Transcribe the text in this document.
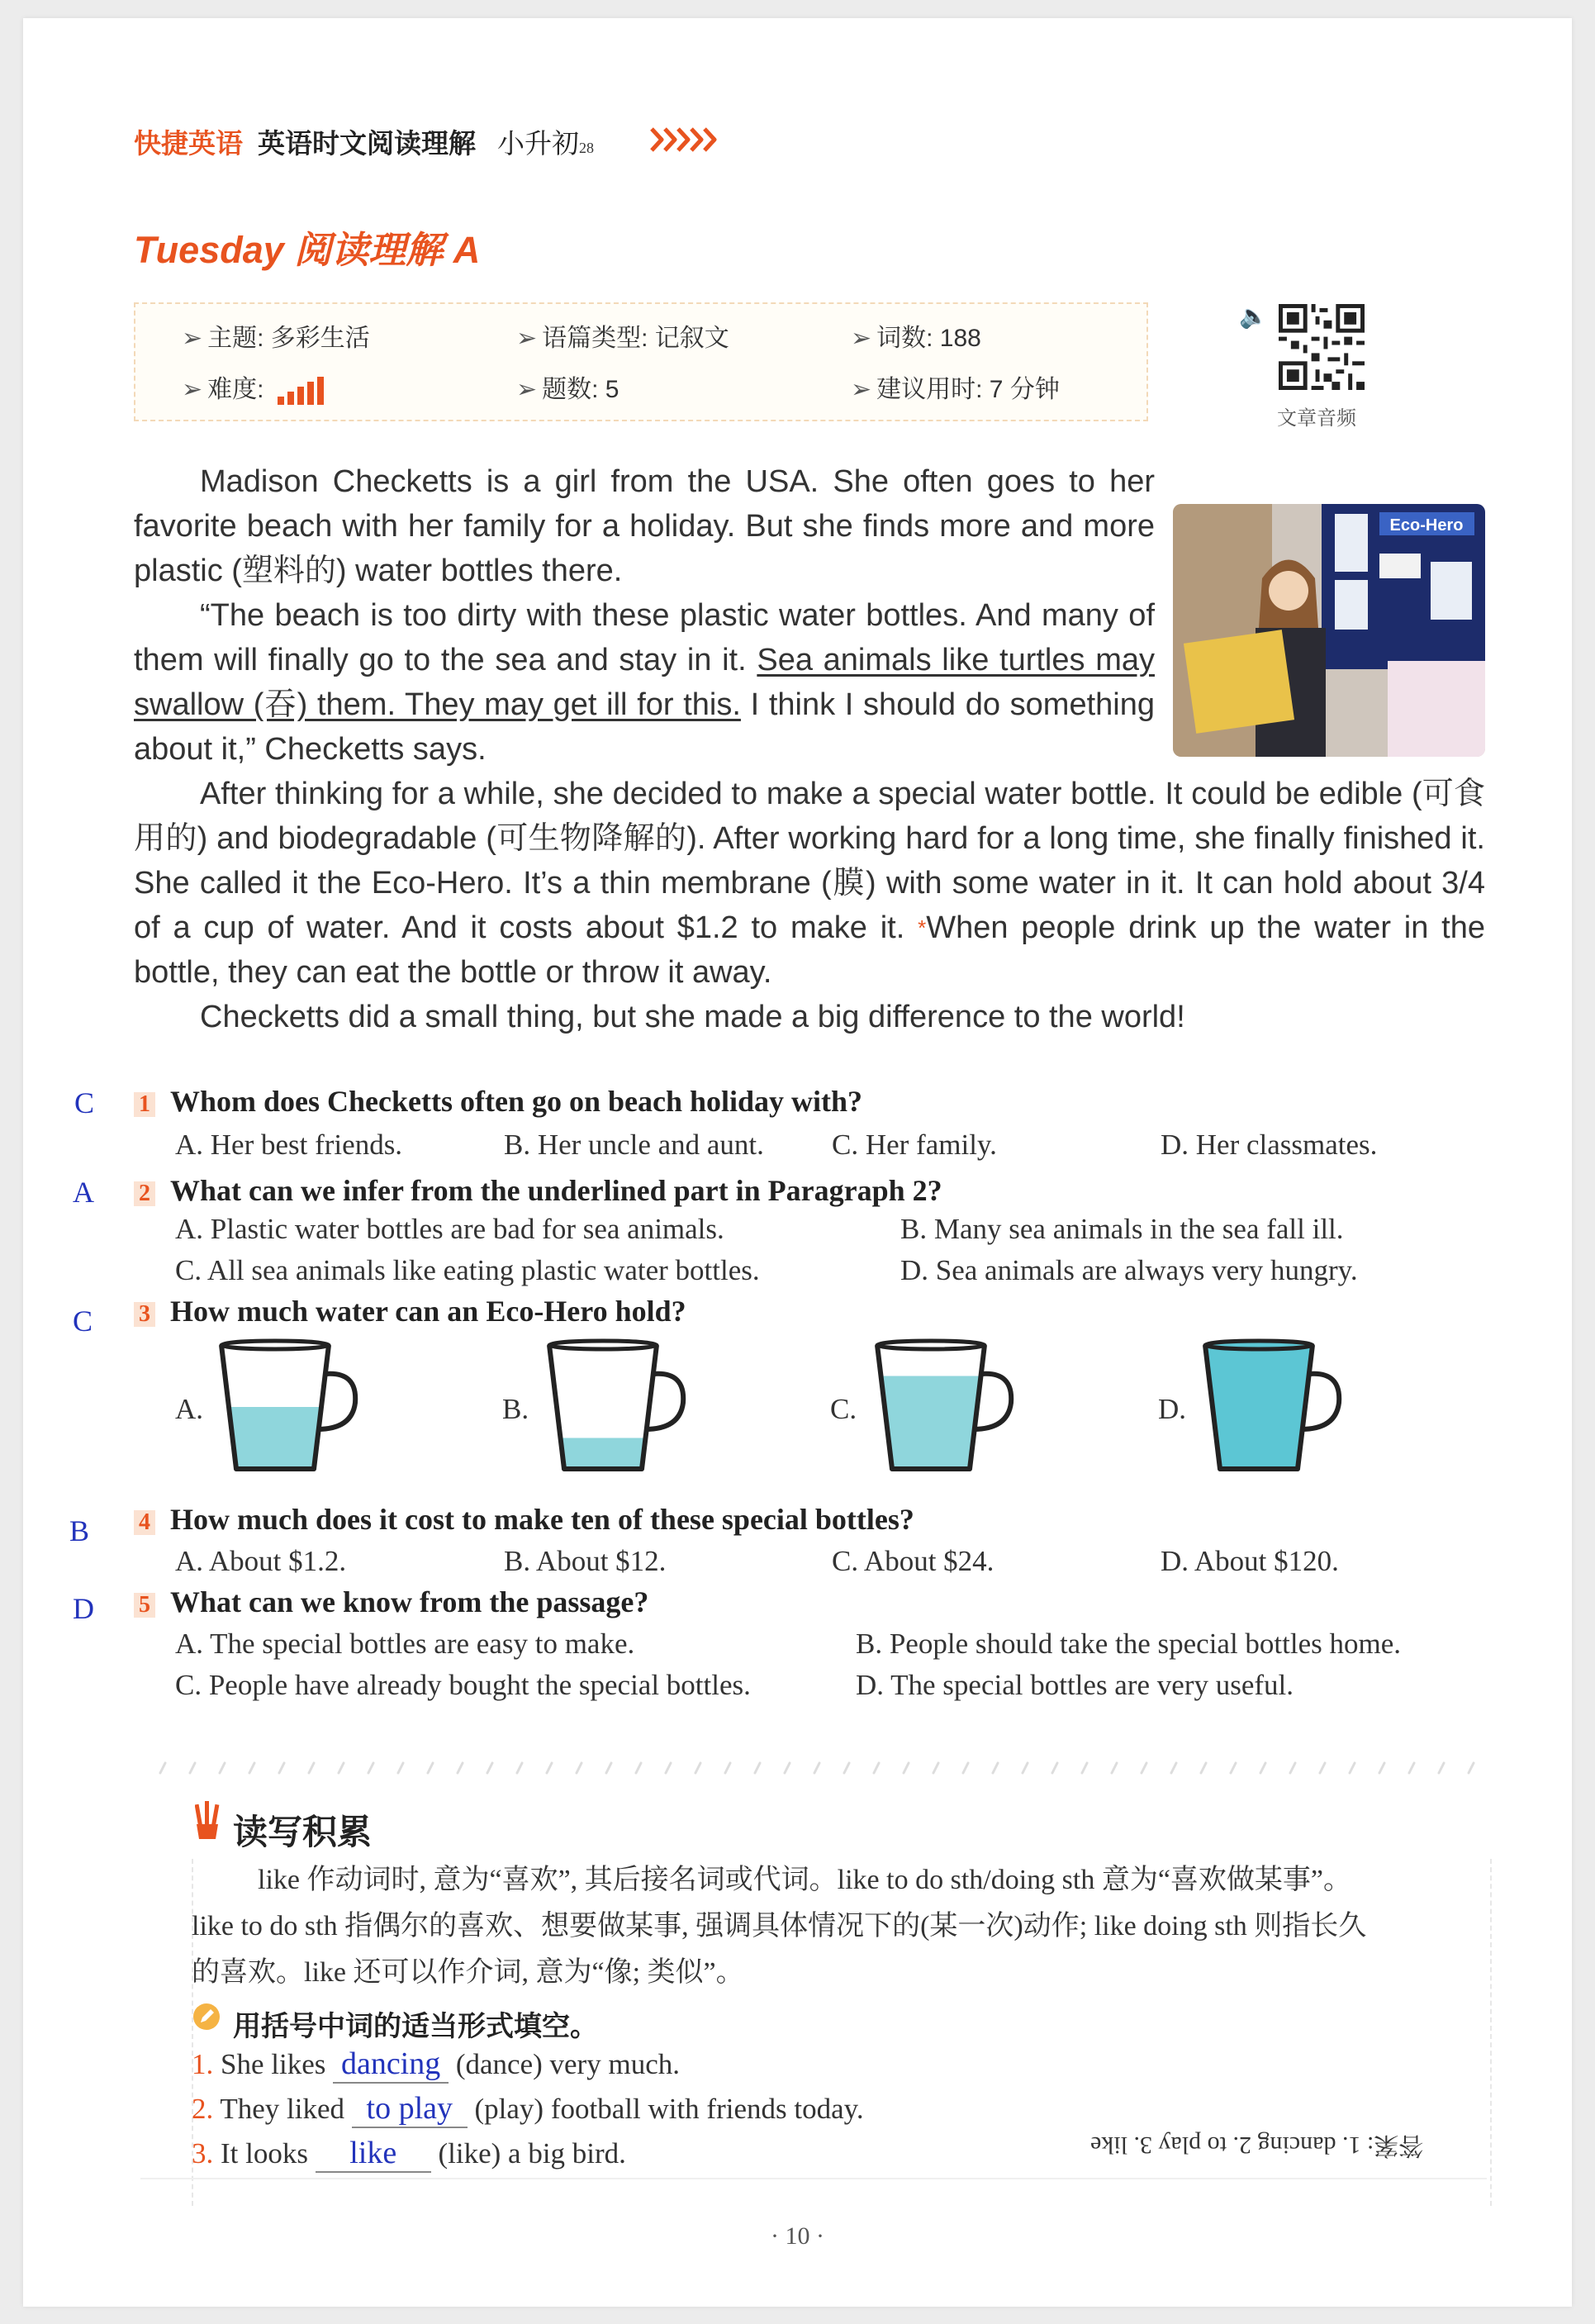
快捷英语 英语时文阅读理解 小升初28
Tuesday 阅读理解 A
➢ 主题: 多彩生活	➢ 语篇类型: 记叙文	➢ 词数: 188
➢ 难度:	➢ 题数: 5	➢ 建议用时: 7 分钟
🔈
文章音频
Eco-Hero
Madison Checketts is a girl from the USA. She often goes to her favorite beach with her family for a holiday. But she finds more and more plastic (塑料的) water bottles there.
“The beach is too dirty with these plastic water bottles. And many of them will finally go to the sea and stay in it. Sea animals like turtles may swallow (吞) them. They may get ill for this. I think I should do something about it,” Checketts says.
After thinking for a while, she decided to make a special water bottle. It could be edible (可食用的) and biodegradable (可生物降解的). After working hard for a long time, she finally finished it. She called it the Eco-Hero. It’s a thin membrane (膜) with some water in it. It can hold about 3/4 of a cup of water. And it costs about $1.2 to make it. *When people drink up the water in the bottle, they can eat the bottle or throw it away.
Checketts did a small thing, but she made a big difference to the world!
C 1 Whom does Checketts often go on beach holiday with?
A. Her best friends.	B. Her uncle and aunt. C. Her family.	D. Her classmates.
A 2 What can we infer from the underlined part in Paragraph 2?
A. Plastic water bottles are bad for sea animals.	B. Many sea animals in the sea fall ill.
C. All sea animals like eating plastic water bottles.	D. Sea animals are always very hungry.
C 3 How much water can an Eco-Hero hold?
A.	B.	C.	D.
B 4 How much does it cost to make ten of these special bottles?
A. About $1.2.	B. About $12.	C. About $24.	D. About $120.
D 5 What can we know from the passage?
A. The special bottles are easy to make.	B. People should take the special bottles home.
C. People have already bought the special bottles.	D. The special bottles are very useful.
读写积累
like 作动词时, 意为“喜欢”, 其后接名词或代词。like to do sth/doing sth 意为“喜欢做某事”。
like to do sth 指偶尔的喜欢、想要做某事, 强调具体情况下的(某一次)动作; like doing sth 则指长久
的喜欢。like 还可以作介词, 意为“像; 类似”。
用括号中词的适当形式填空。
1. She likes dancing (dance) very much.
2. They liked to play (play) football with friends today.
3. It looks like (like) a big bird.	答案: 1. dancing 2. to play 3. like
· 10 ·
